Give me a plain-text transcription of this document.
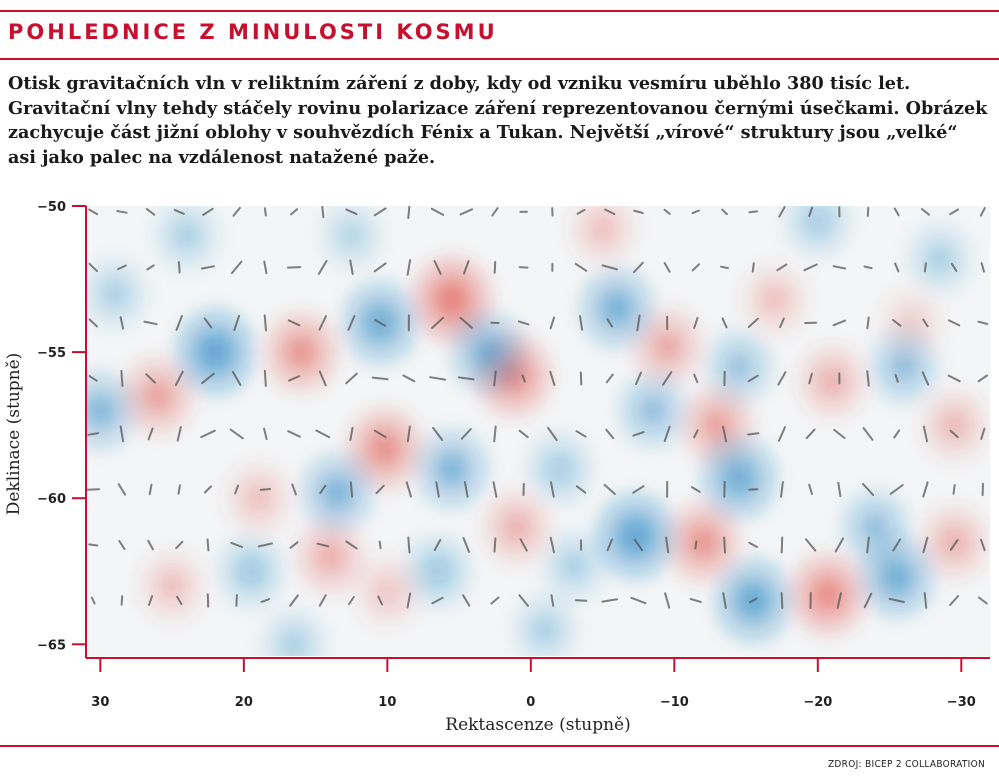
POHLEDNICE Z MINULOSTI KOSMU
Otisk gravitačních vln v reliktním záření z doby, kdy od vzniku vesmíru uběhlo 380 tisíc let. Gravitační vlny tehdy stáčely rovinu polarizace záření reprezentovanou černými úsečkami. Obrázek zachycuje část jižní oblohy v souhvězdích Fénix a Tukan. Největší „vírové“ struktury jsou „velké“ asi jako palec na vzdálenost natažené paže.
−50
−55
−60
−65
30	20	10	0	−10	−20	−30
Rektascenze (stupně)
Deklinace (stupně)
ZDROJ: BICEP 2 COLLABORATION
